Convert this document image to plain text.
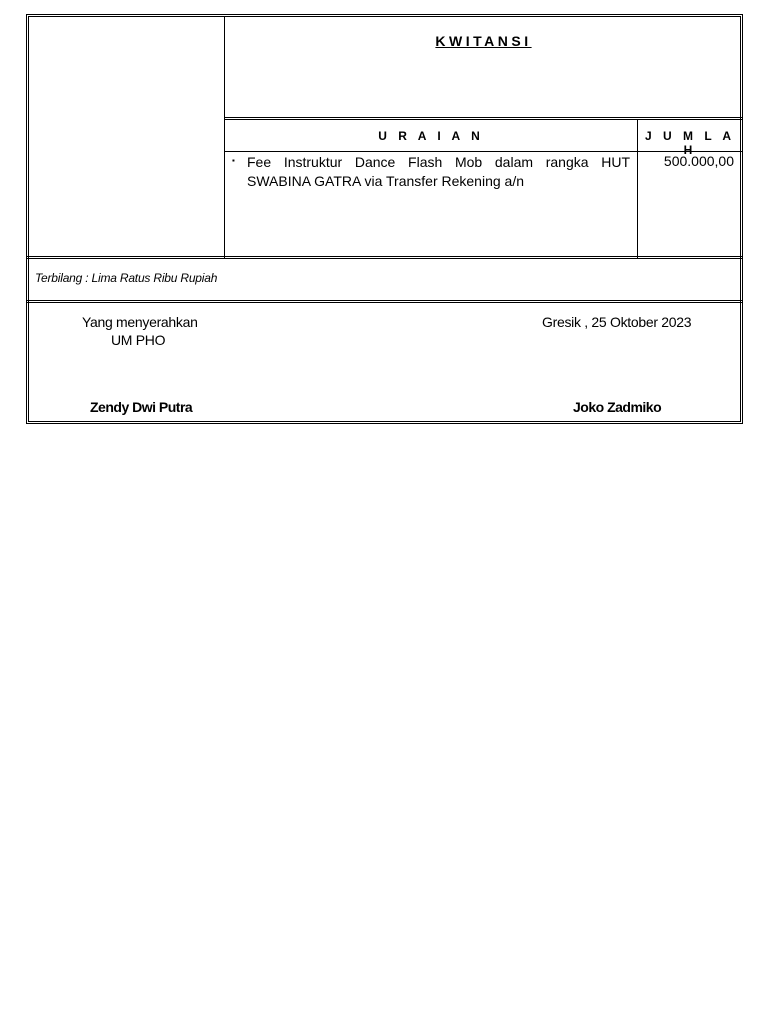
KWITANSI
U R A I A N	J U M L A H
▪ Fee Instruktur Dance Flash Mob dalam rangka HUT SWABINA GATRA via Transfer Rekening a/n
500.000,00
Terbilang : Lima Ratus Ribu Rupiah
Yang menyerahkan
UM PHO
Zendy Dwi Putra
Gresik , 25 Oktober 2023
Joko Zadmiko
